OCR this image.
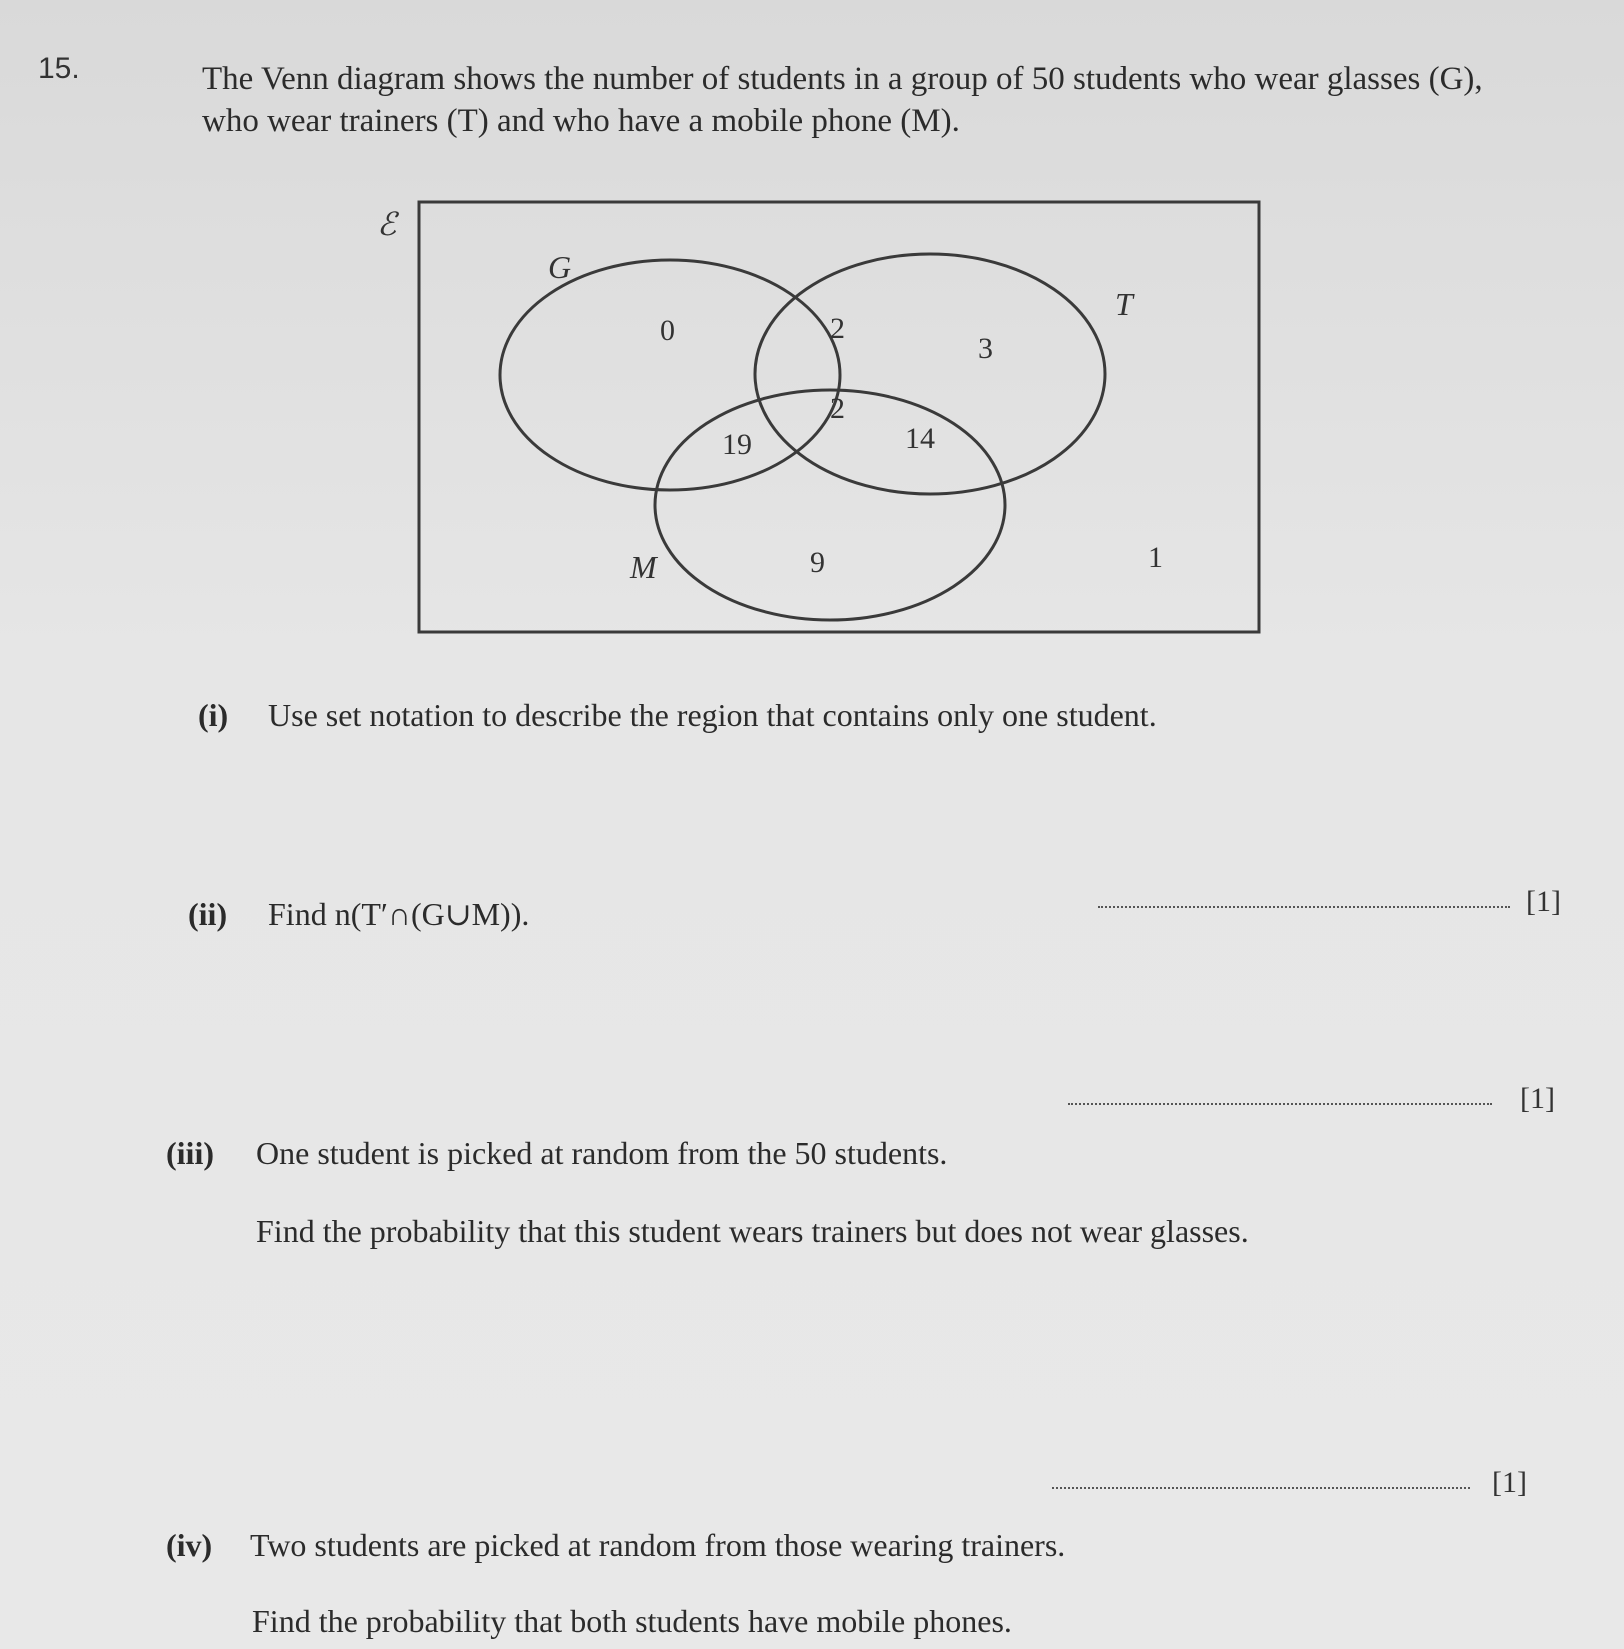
15.	The Venn diagram shows the number of students in a group of 50 students who wear glasses (G),
who wear trainers (T) and who have a mobile phone (M).
ℰ
G
T
M
0	2
3
2
19	14
9	1
(i) Use set notation to describe the region that contains only one student.
[1]
(ii) Find n(T′∩(G∪M)).
[1]
(iii) One student is picked at random from the 50 students.
Find the probability that this student wears trainers but does not wear glasses.
[1]
(iv) Two students are picked at random from those wearing trainers.
Find the probability that both students have mobile phones.
